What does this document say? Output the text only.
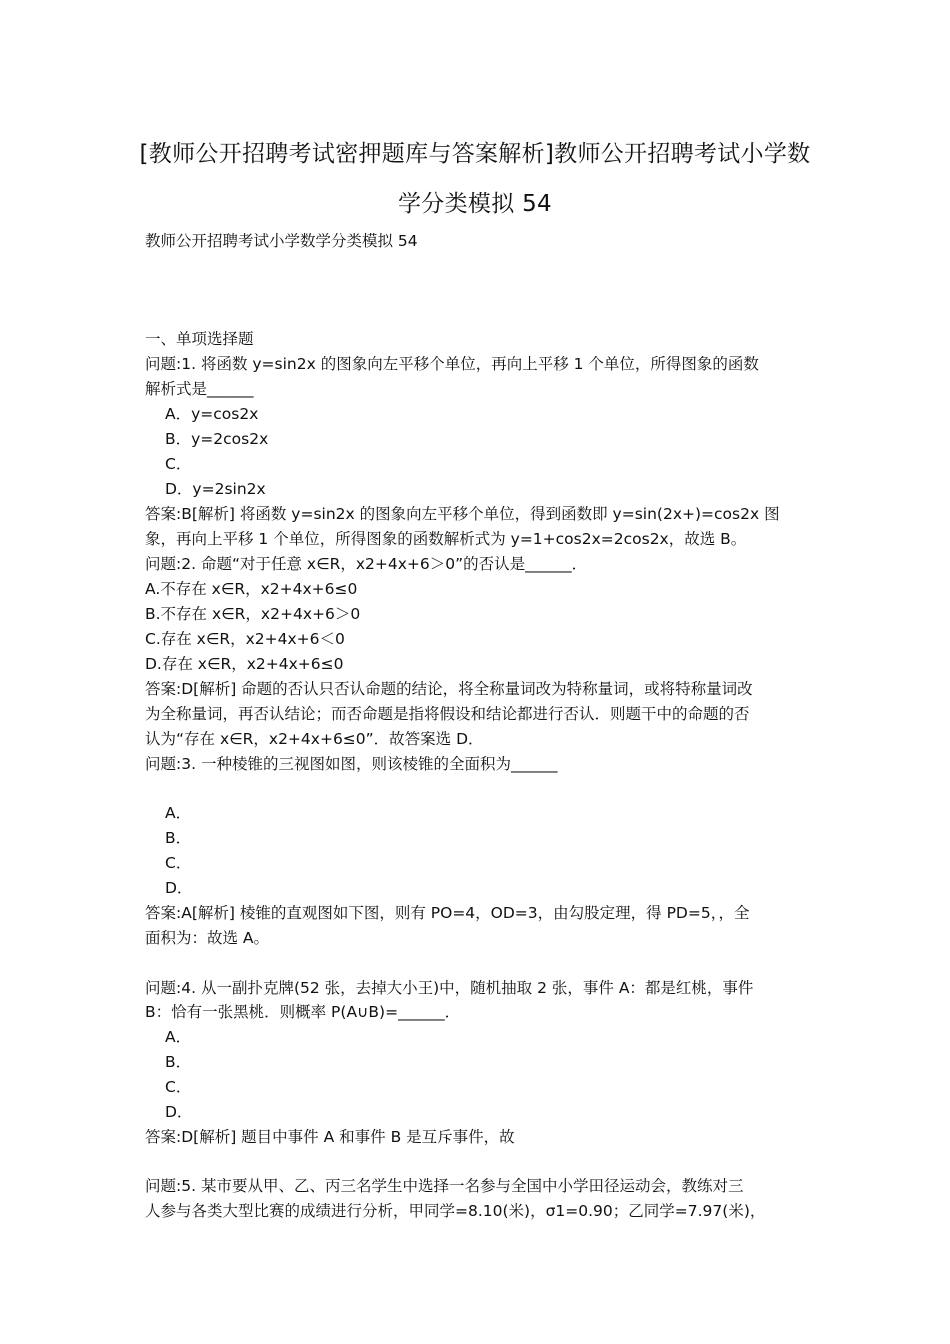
[教师公开招聘考试密押题库与答案解析]教师公开招聘考试小学数
学分类模拟 54
教师公开招聘考试小学数学分类模拟 54
一、单项选择题
问题:1. 将函数 y=sin2x 的图象向左平移个单位，再向上平移 1 个单位，所得图象的函数
解析式是______
A．y=cos2x
B．y=2cos2x
C．
D．y=2sin2x
答案:B[解析] 将函数 y=sin2x 的图象向左平移个单位，得到函数即 y=sin(2x+)=cos2x 图
象，再向上平移 1 个单位，所得图象的函数解析式为 y=1+cos2x=2cos2x，故选 B。
问题:2. 命题“对于任意 x∈R，x2+4x+6＞0”的否认是______．
A.不存在 x∈R，x2+4x+6≤0
B.不存在 x∈R，x2+4x+6＞0
C.存在 x∈R，x2+4x+6＜0
D.存在 x∈R，x2+4x+6≤0
答案:D[解析] 命题的否认只否认命题的结论，将全称量词改为特称量词，或将特称量词改
为全称量词，再否认结论；而否命题是指将假设和结论都进行否认．则题干中的命题的否
认为“存在 x∈R，x2+4x+6≤0”．故答案选 D．
问题:3. 一种棱锥的三视图如图，则该棱锥的全面积为______
A．
B．
C．
D．
答案:A[解析] 棱锥的直观图如下图，则有 PO=4，OD=3，由勾股定理，得 PD=5，，全
面积为：故选 A。
问题:4. 从一副扑克牌(52 张，去掉大小王)中，随机抽取 2 张，事件 A：都是红桃，事件
B：恰有一张黑桃．则概率 P(A∪B)=______．
A．
B．
C．
D．
答案:D[解析] 题目中事件 A 和事件 B 是互斥事件，故
问题:5. 某市要从甲、乙、丙三名学生中选择一名参与全国中小学田径运动会，教练对三
人参与各类大型比赛的成绩进行分析，甲同学=8.10(米)，σ1=0.90；乙同学=7.97(米)，
